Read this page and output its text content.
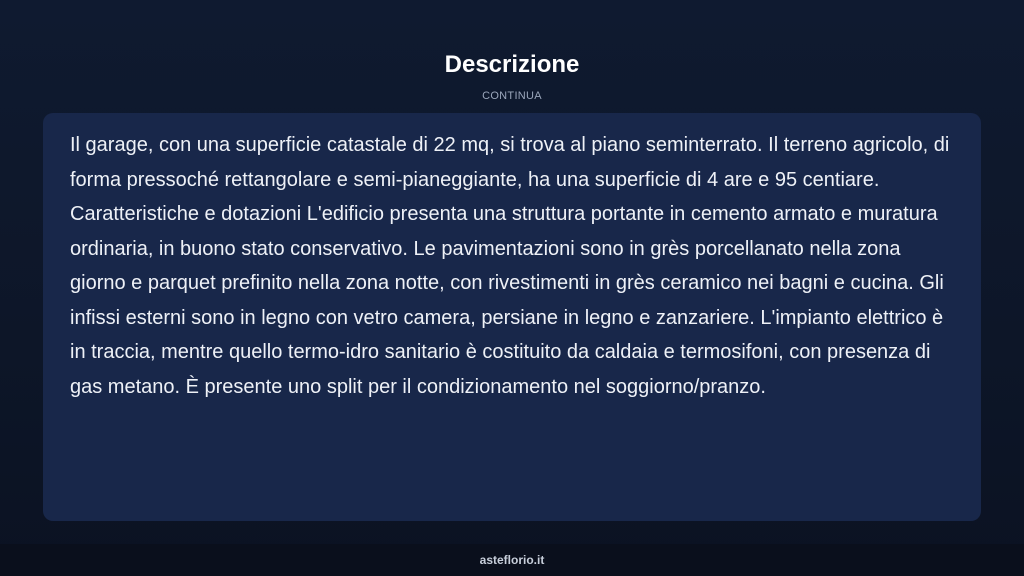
Descrizione
CONTINUA

Il garage, con una superficie catastale di 22 mq, si trova al piano seminterrato. Il terreno agricolo, di forma pressoché rettangolare e semi-pianeggiante, ha una superficie di 4 are e 95 centiare. Caratteristiche e dotazioni L'edificio presenta una struttura portante in cemento armato e muratura ordinaria, in buono stato conservativo. Le pavimentazioni sono in grès porcellanato nella zona giorno e parquet prefinito nella zona notte, con rivestimenti in grès ceramico nei bagni e cucina. Gli infissi esterni sono in legno con vetro camera, persiane in legno e zanzariere. L'impianto elettrico è in traccia, mentre quello termo-idro sanitario è costituito da caldaia e termosifoni, con presenza di gas metano. È presente uno split per il condizionamento nel soggiorno/pranzo.

asteflorio.it
